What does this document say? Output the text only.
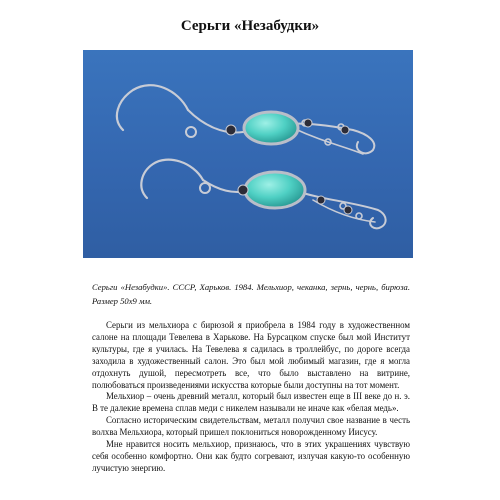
Серьги «Незабудки»
Серьги «Незабудки». СССР, Харьков. 1984. Мельхиор, чеканка, зернь, чернь, бирюза. Размер 50х9 мм.

Серьги из мельхиора с бирюзой я приобрела в 1984 году в художественном салоне на площади Тевелева в Харькове. На Бурсацком спуске был мой Институт культуры, где я училась. На Тевелева я садилась в троллейбус, по дороге всегда заходила в художественный салон. Это был мой любимый магазин, где я могла отдохнуть душой, пересмотреть все, что было выставлено на витрине, полюбоваться произведениями искусства которые были доступны на тот момент.

Мельхиор – очень древний металл, который был известен еще в III веке до н. э. В те далекие времена сплав меди с никелем называли не иначе как «белая медь».

Согласно историческим свидетельствам, металл получил свое название в честь волхва Мельхиора, который пришел поклониться новорожденному Иисусу.

Мне нравится носить мельхиор, признаюсь, что в этих украшениях чувствую себя особенно комфортно. Они как будто согревают, излучая какую-то особенную лучистую энергию.
